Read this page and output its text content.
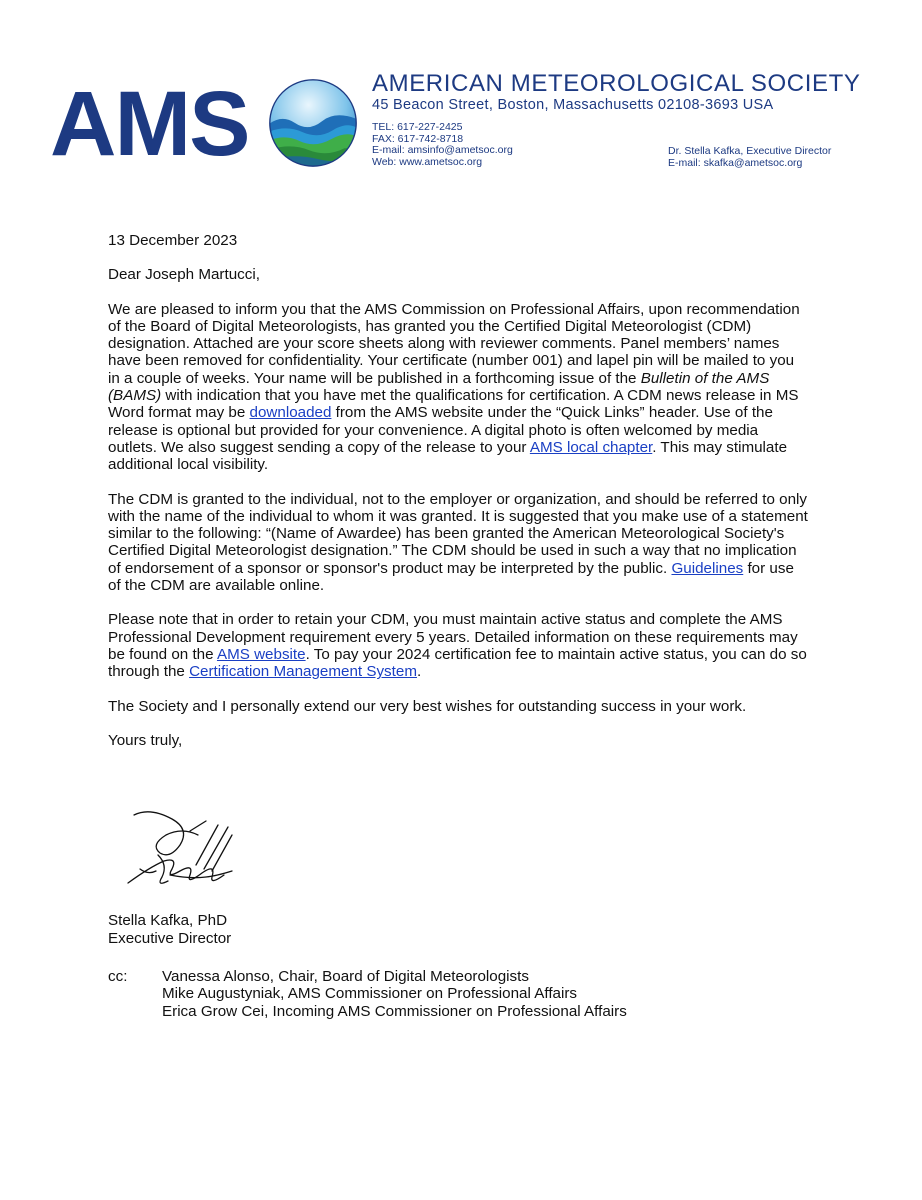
AMS	AMERICAN METEOROLOGICAL SOCIETY
45 Beacon Street, Boston, Massachusetts 02108-3693 USA
TEL: 617-227-2425
FAX: 617-742-8718
E-mail: amsinfo@ametsoc.org
Web: www.ametsoc.org
Dr. Stella Kafka, Executive Director
E-mail: skafka@ametsoc.org
13 December 2023

Dear Joseph Martucci,

We are pleased to inform you that the AMS Commission on Professional Affairs, upon recommendation of the Board of Digital Meteorologists, has granted you the Certified Digital Meteorologist (CDM) designation. Attached are your score sheets along with reviewer comments. Panel members’ names have been removed for confidentiality. Your certificate (number 001) and lapel pin will be mailed to you in a couple of weeks. Your name will be published in a forthcoming issue of the Bulletin of the AMS (BAMS) with indication that you have met the qualifications for certification. A CDM news release in MS Word format may be downloaded from the AMS website under the “Quick Links” header. Use of the release is optional but provided for your convenience. A digital photo is often welcomed by media outlets. We also suggest sending a copy of the release to your AMS local chapter. This may stimulate additional local visibility.

The CDM is granted to the individual, not to the employer or organization, and should be referred to only with the name of the individual to whom it was granted. It is suggested that you make use of a statement similar to the following: “(Name of Awardee) has been granted the American Meteorological Society's Certified Digital Meteorologist designation.” The CDM should be used in such a way that no implication of endorsement of a sponsor or sponsor's product may be interpreted by the public. Guidelines for use of the CDM are available online.

Please note that in order to retain your CDM, you must maintain active status and complete the AMS Professional Development requirement every 5 years. Detailed information on these requirements may be found on the AMS website. To pay your 2024 certification fee to maintain active status, you can do so through the Certification Management System.

The Society and I personally extend our very best wishes for outstanding success in your work.

Yours truly,

Stella Kafka, PhD
Executive Director
cc: Vanessa Alonso, Chair, Board of Digital Meteorologists
Mike Augustyniak, AMS Commissioner on Professional Affairs
Erica Grow Cei, Incoming AMS Commissioner on Professional Affairs
